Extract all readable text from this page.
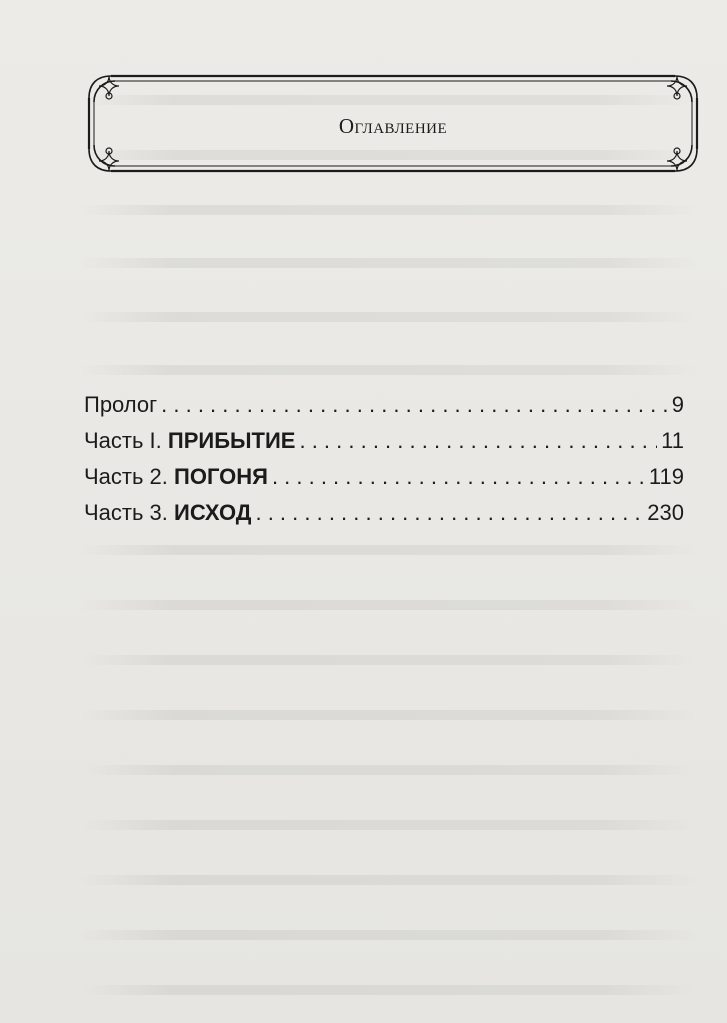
Оглавление
Пролог . . .	9
Часть I. ПРИБЫТИЕ . . .	11
Часть 2. ПОГОНЯ . . .	119
Часть 3. ИСХОД . . .	230
